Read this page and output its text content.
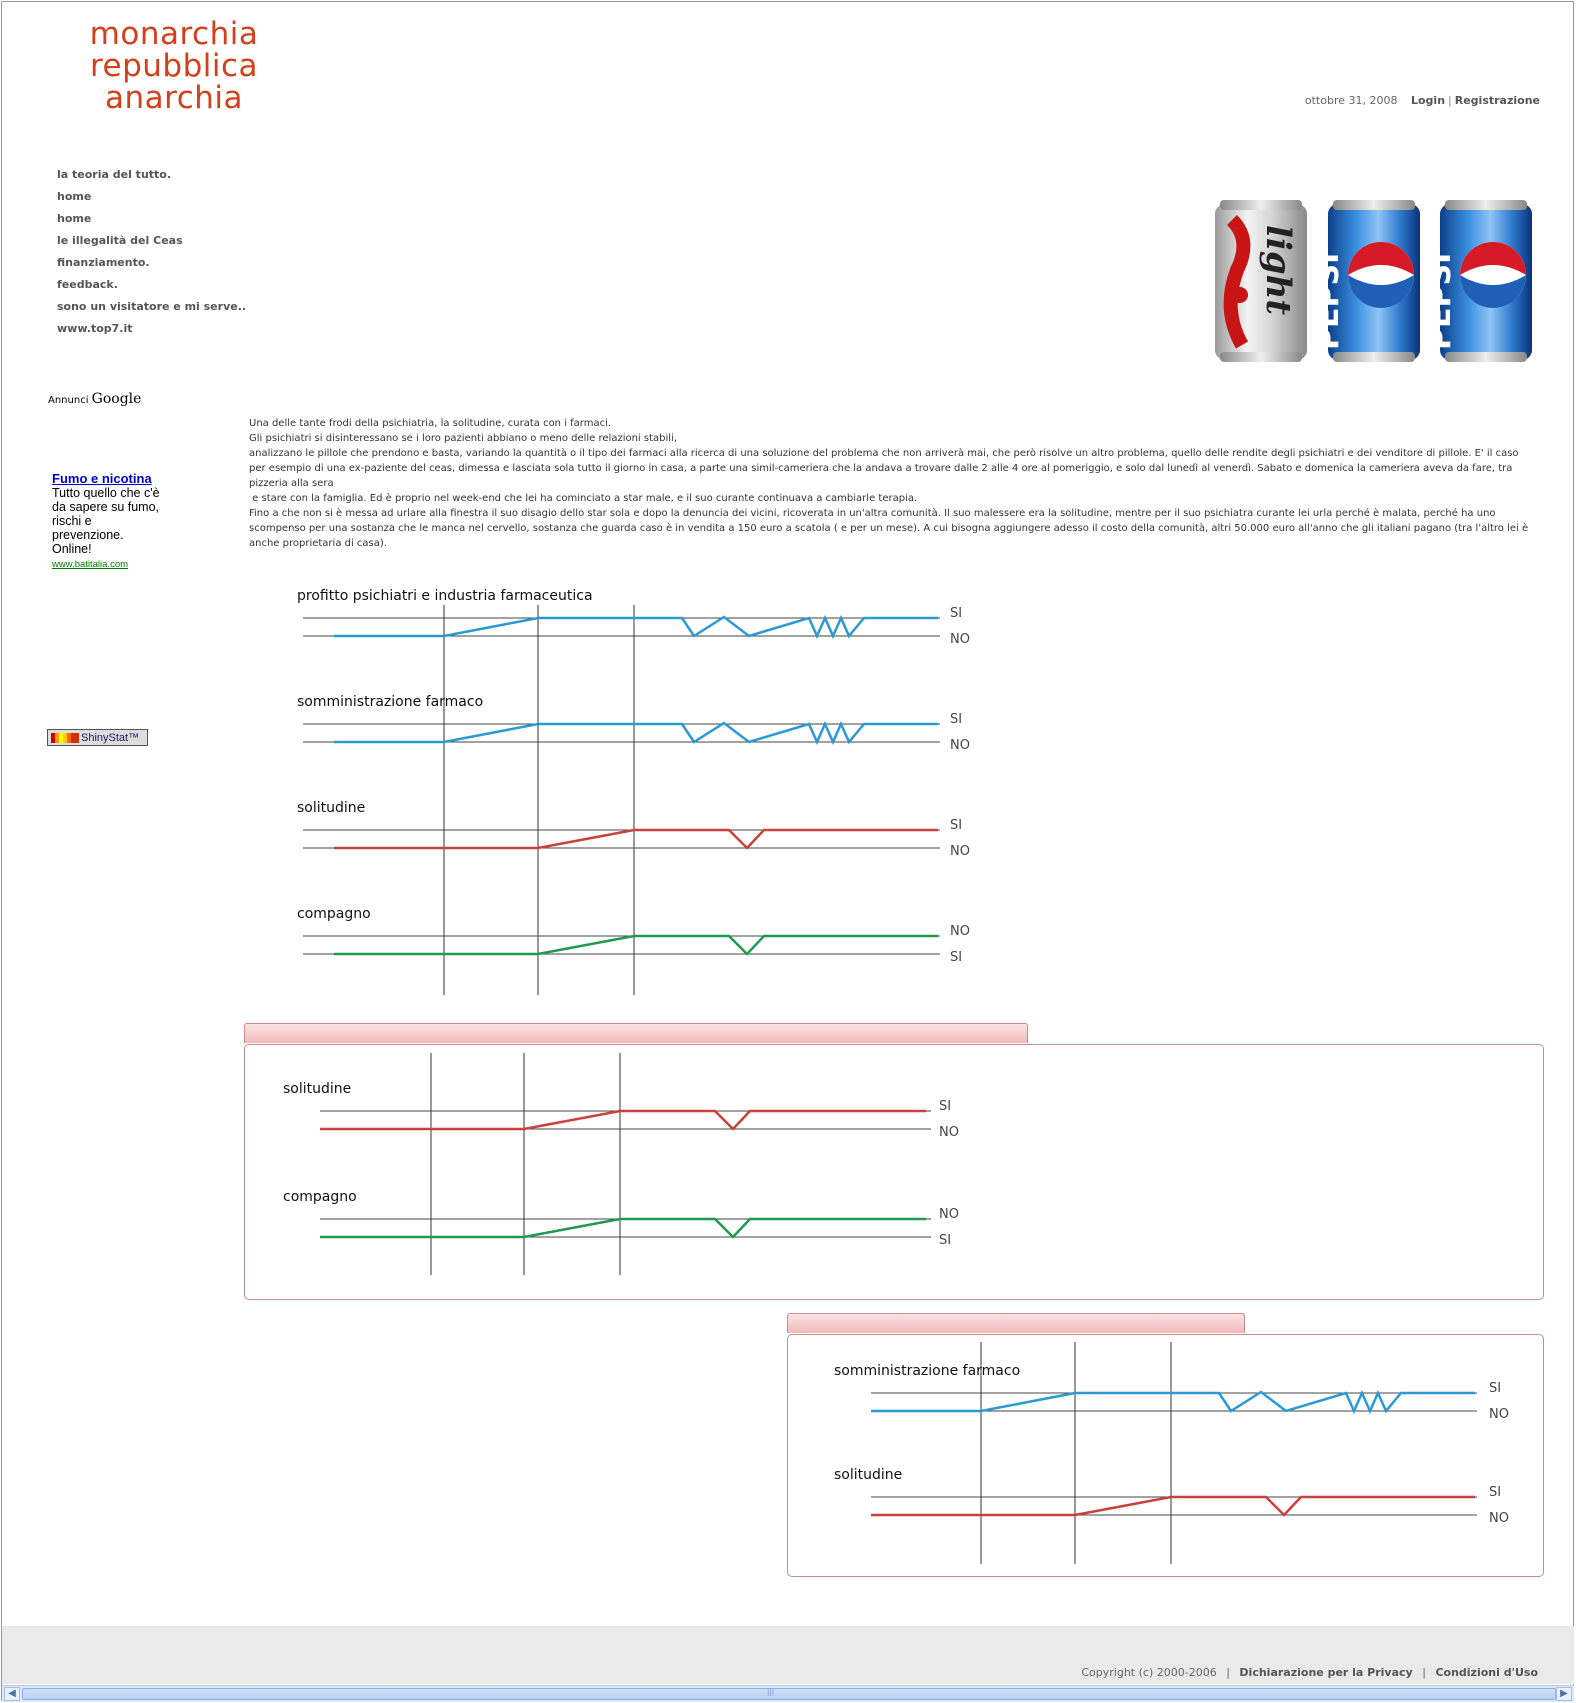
monarchia
repubblica
anarchia	ottobre 31, 2008 Login | Registrazione
la teoria del tutto.
home
home
le illegalità del Ceas
finanziamento.
feedback.
sono un visitatore e mi serve..
www.top7.it
light PEPSI	PEPSI
Annunci Google
Fumo e nicotina
Tutto quello che c'è da sapere su fumo, rischi e prevenzione. Online!
www.batitalia.com
ShinyStat™

Una delle tante frodi della psichiatria, la solitudine, curata con i farmaci.

Gli psichiatri si disinteressano se i loro pazienti abbiano o meno delle relazioni stabili,

analizzano le pillole che prendono e basta, variando la quantità o il tipo dei farmaci alla ricerca di una soluzione del problema che non arriverà mai, che però risolve un altro problema, quello delle rendite degli psichiatri e dei venditore di pillole. E' il caso per esempio di una ex-paziente del ceas, dimessa e lasciata sola tutto il giorno in casa, a parte una simil-cameriera che la andava a trovare dalle 2 alle 4 ore al pomeriggio, e solo dal lunedì al venerdì. Sabato e domenica la cameriera aveva da fare, tra pizzeria alla sera

e stare con la famiglia. Ed è proprio nel week-end che lei ha cominciato a star male, e il suo curante continuava a cambiarle terapia.

Fino a che non si è messa ad urlare alla finestra il suo disagio dello star sola e dopo la denuncia dei vicini, ricoverata in un'altra comunità. Il suo malessere era la solitudine, mentre per il suo psichiatra curante lei urla perché è malata, perché ha uno scompenso per una sostanza che le manca nel cervello, sostanza che guarda caso è in vendita a 150 euro a scatola ( e per un mese). A cui bisogna aggiungere adesso il costo della comunità, altri 50.000 euro all'anno che gli italiani pagano (tra l'altro lei è anche proprietaria di casa).

profitto psichiatri e industria farmaceutica
SI
NO
somministrazione farmaco
SI
NO
solitudine
SI
NO
compagno
NO
SI
solitudine
SI
NO
compagno
NO
SI
somministrazione farmaco
SI
NO
solitudine
SI
NO
Copyright (c) 2000-2006 | Dichiarazione per la Privacy | Condizioni d'Uso
◀	|||	▶
